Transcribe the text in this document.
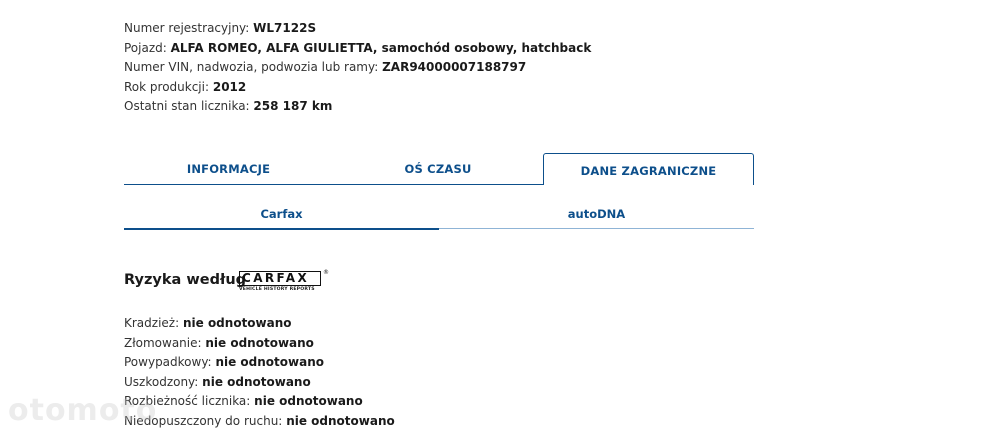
Numer rejestracyjny: WL7122S
Pojazd: ALFA ROMEO, ALFA GIULIETTA, samochód osobowy, hatchback
Numer VIN, nadwozia, podwozia lub ramy: ZAR94000007188797
Rok produkcji: 2012
Ostatni stan licznika: 258 187 km
INFORMACJE	OŚ CZASU	DANE ZAGRANICZNE
Carfax	autoDNA
Ryzyka według
CARFAX	®
VEHICLE HISTORY REPORTS
Kradzież: nie odnotowano
Złomowanie: nie odnotowano
Powypadkowy: nie odnotowano
Uszkodzony: nie odnotowano
Rozbieżność licznika: nie odnotowano
Niedopuszczony do ruchu: nie odnotowano
otomoto
